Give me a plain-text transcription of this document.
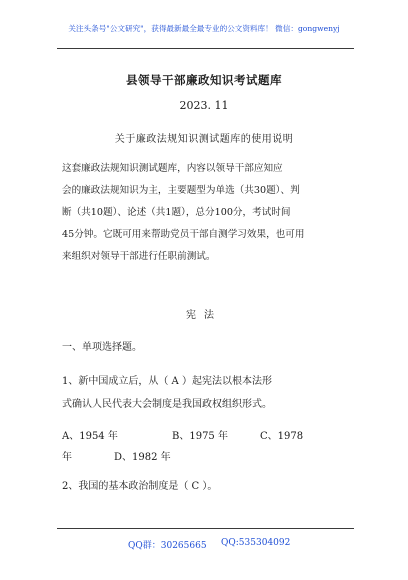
关注头条号"公文研究"，获得最新最全最专业的公文资料库！ 微信：gongwenyj
县领导干部廉政知识考试题库
2023. 11
关于廉政法规知识测试题库的使用说明
这套廉政法规知识测试题库，内容以领导干部应知应
会的廉政法规知识为主，主要题型为单选（共30题）、判
断（共10题）、论述（共1题），总分100分，考试时间
45分钟。它既可用来帮助党员干部自测学习效果，也可用
来组织对领导干部进行任职前测试。
宪法
一、单项选择题。
1、新中国成立后，从（ A ）起宪法以根本法形
式确认人民代表大会制度是我国政权组织形式。
A、1954 年	B、1975 年	C、1978
年	D、1982 年
2、我国的基本政治制度是（ C ）。
QQ群：30265665 QQ:535304092
